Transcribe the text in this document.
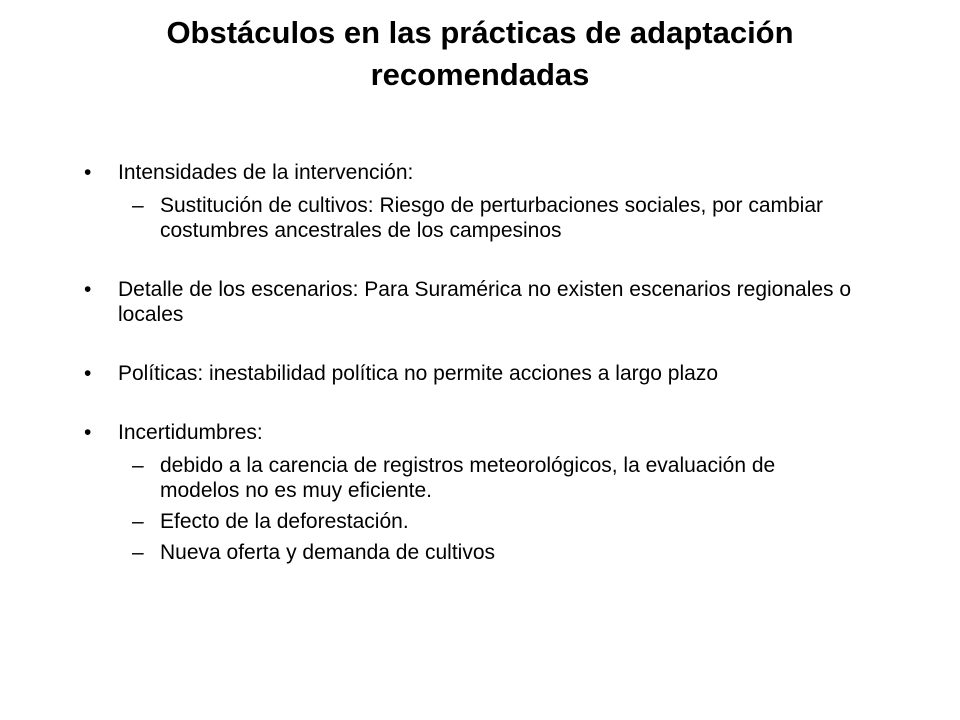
Obstáculos en las prácticas de adaptación
recomendadas

• Intensidades de la intervención:

– Sustitución de cultivos: Riesgo de perturbaciones sociales, por cambiar costumbres ancestrales de los campesinos

• Detalle de los escenarios: Para Suramérica no existen escenarios regionales o locales

• Políticas: inestabilidad política no permite acciones a largo plazo

• Incertidumbres:

– debido a la carencia de registros meteorológicos, la evaluación de modelos no es muy eficiente.

– Efecto de la deforestación.

– Nueva oferta y demanda de cultivos
